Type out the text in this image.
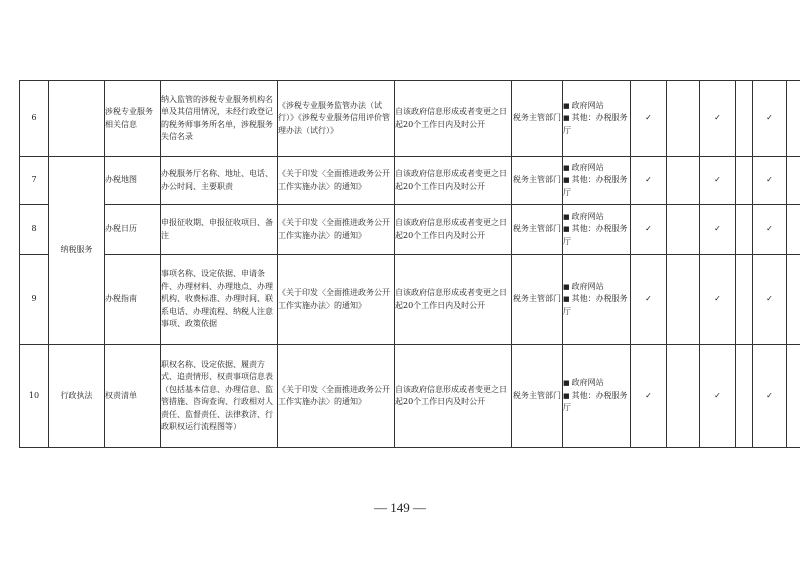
6		涉税专业服务相关信息	纳入监管的涉税专业服务机构名单及其信用情况，未经行政登记的税务师事务所名单，涉税服务失信名录	《涉税专业服务监管办法（试行）》《涉税专业服务信用评价管理办法（试行）》	自该政府信息形成或者变更之日起20个工作日内及时公开	税务主管部门	■ 政府网站
■ 其他：办税服务厅	✓		✓		✓	
7	纳税服务	办税地图	办税服务厅名称、地址、电话、办公时间、主要职责	《关于印发〈全面推进政务公开工作实施办法〉的通知》	自该政府信息形成或者变更之日起20个工作日内及时公开	税务主管部门	■ 政府网站
■ 其他：办税服务厅	✓		✓		✓	
8		办税日历	申报征收期、申报征收项目、备注	《关于印发〈全面推进政务公开工作实施办法〉的通知》	自该政府信息形成或者变更之日起20个工作日内及时公开	税务主管部门	■ 政府网站
■ 其他：办税服务厅	✓		✓		✓	
9		办税指南	事项名称、设定依据、申请条件、办理材料、办理地点、办理机构、收费标准、办理时间、联系电话、办理流程、纳税人注意事项、政策依据	《关于印发〈全面推进政务公开工作实施办法〉的通知》	自该政府信息形成或者变更之日起20个工作日内及时公开	税务主管部门	■ 政府网站
■ 其他：办税服务厅	✓		✓		✓	
10	行政执法	权责清单	职权名称、设定依据、履责方式、追责情形、权责事项信息表（包括基本信息、办理信息、监管措施、咨询查询、行政相对人责任、监督责任、法律救济、行政职权运行流程图等）	《关于印发〈全面推进政务公开工作实施办法〉的通知》	自该政府信息形成或者变更之日起20个工作日内及时公开	税务主管部门	■ 政府网站
■ 其他：办税服务厅	✓		✓		✓	
— 149 —
